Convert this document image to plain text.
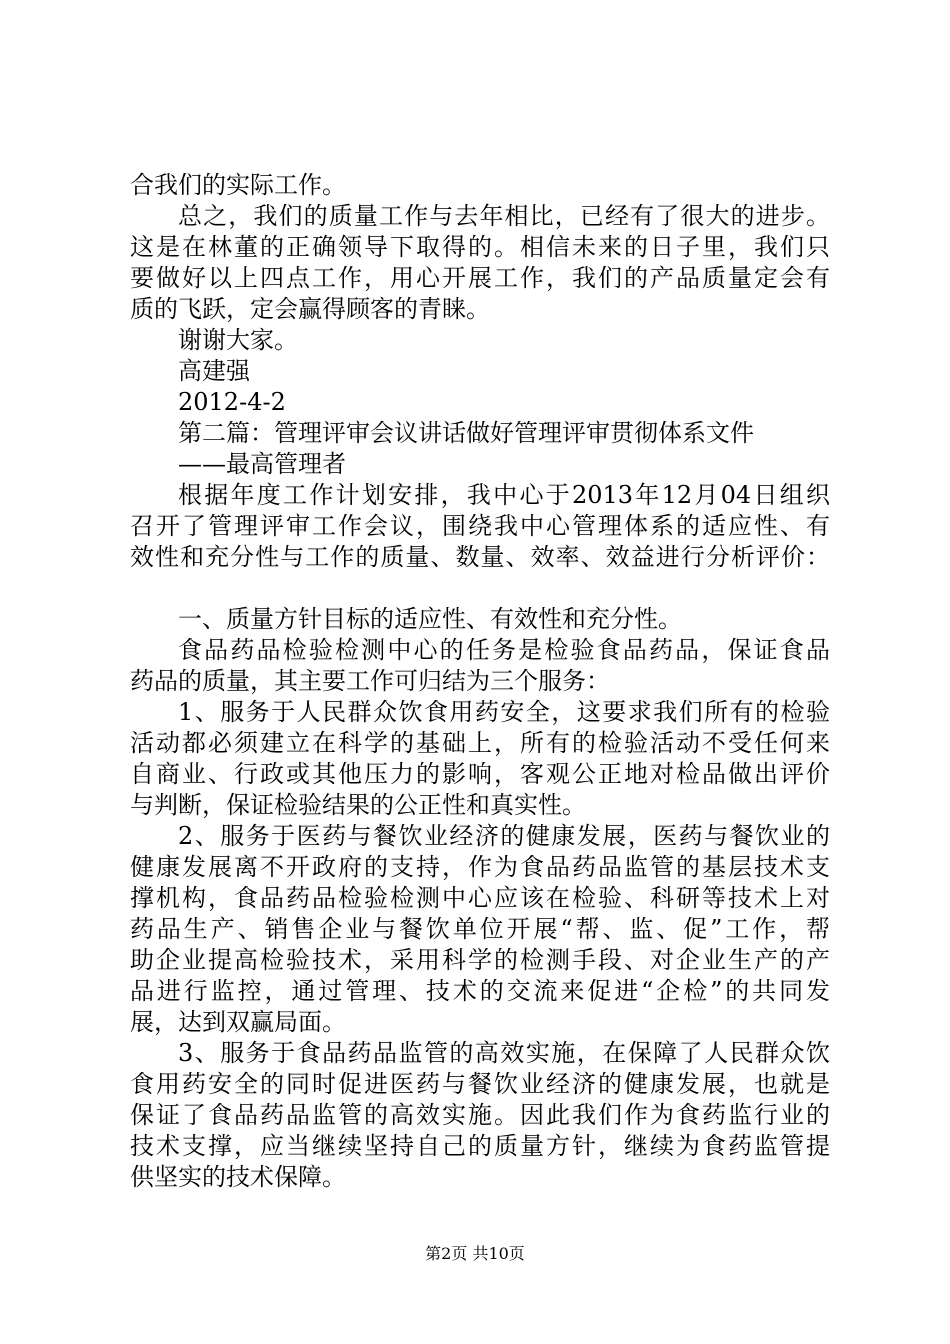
合我们的实际工作。
总之，我们的质量工作与去年相比，已经有了很大的进步。
这是在林董的正确领导下取得的。相信未来的日子里，我们只
要做好以上四点工作，用心开展工作，我们的产品质量定会有
质的飞跃，定会赢得顾客的青睐。
谢谢大家。
高建强
2012-4-2
第二篇：管理评审会议讲话做好管理评审贯彻体系文件
——最高管理者
根据年度工作计划安排，我中心于2013年12月04日组织
召开了管理评审工作会议，围绕我中心管理体系的适应性、有
效性和充分性与工作的质量、数量、效率、效益进行分析评价：
一、质量方针目标的适应性、有效性和充分性。
食品药品检验检测中心的任务是检验食品药品，保证食品
药品的质量，其主要工作可归结为三个服务：
1、服务于人民群众饮食用药安全，这要求我们所有的检验
活动都必须建立在科学的基础上，所有的检验活动不受任何来
自商业、行政或其他压力的影响，客观公正地对检品做出评价
与判断，保证检验结果的公正性和真实性。
2、服务于医药与餐饮业经济的健康发展，医药与餐饮业的
健康发展离不开政府的支持，作为食品药品监管的基层技术支
撑机构，食品药品检验检测中心应该在检验、科研等技术上对
药品生产、销售企业与餐饮单位开展“帮、监、促”工作，帮
助企业提高检验技术，采用科学的检测手段、对企业生产的产
品进行监控，通过管理、技术的交流来促进“企检”的共同发
展，达到双赢局面。
3、服务于食品药品监管的高效实施，在保障了人民群众饮
食用药安全的同时促进医药与餐饮业经济的健康发展，也就是
保证了食品药品监管的高效实施。因此我们作为食药监行业的
技术支撑，应当继续坚持自己的质量方针，继续为食药监管提
供坚实的技术保障。
第2页 共10页
